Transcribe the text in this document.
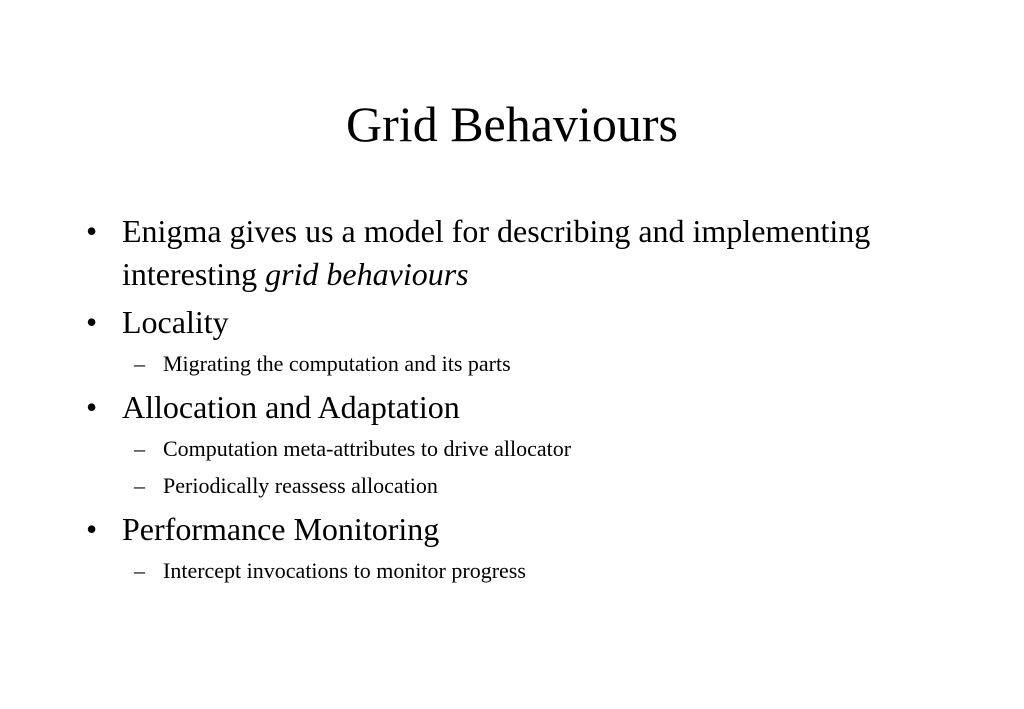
Grid Behaviours
• Enigma gives us a model for describing and implementing interesting grid behaviours
• Locality
– Migrating the computation and its parts
• Allocation and Adaptation
– Computation meta-attributes to drive allocator
– Periodically reassess allocation
• Performance Monitoring
– Intercept invocations to monitor progress
